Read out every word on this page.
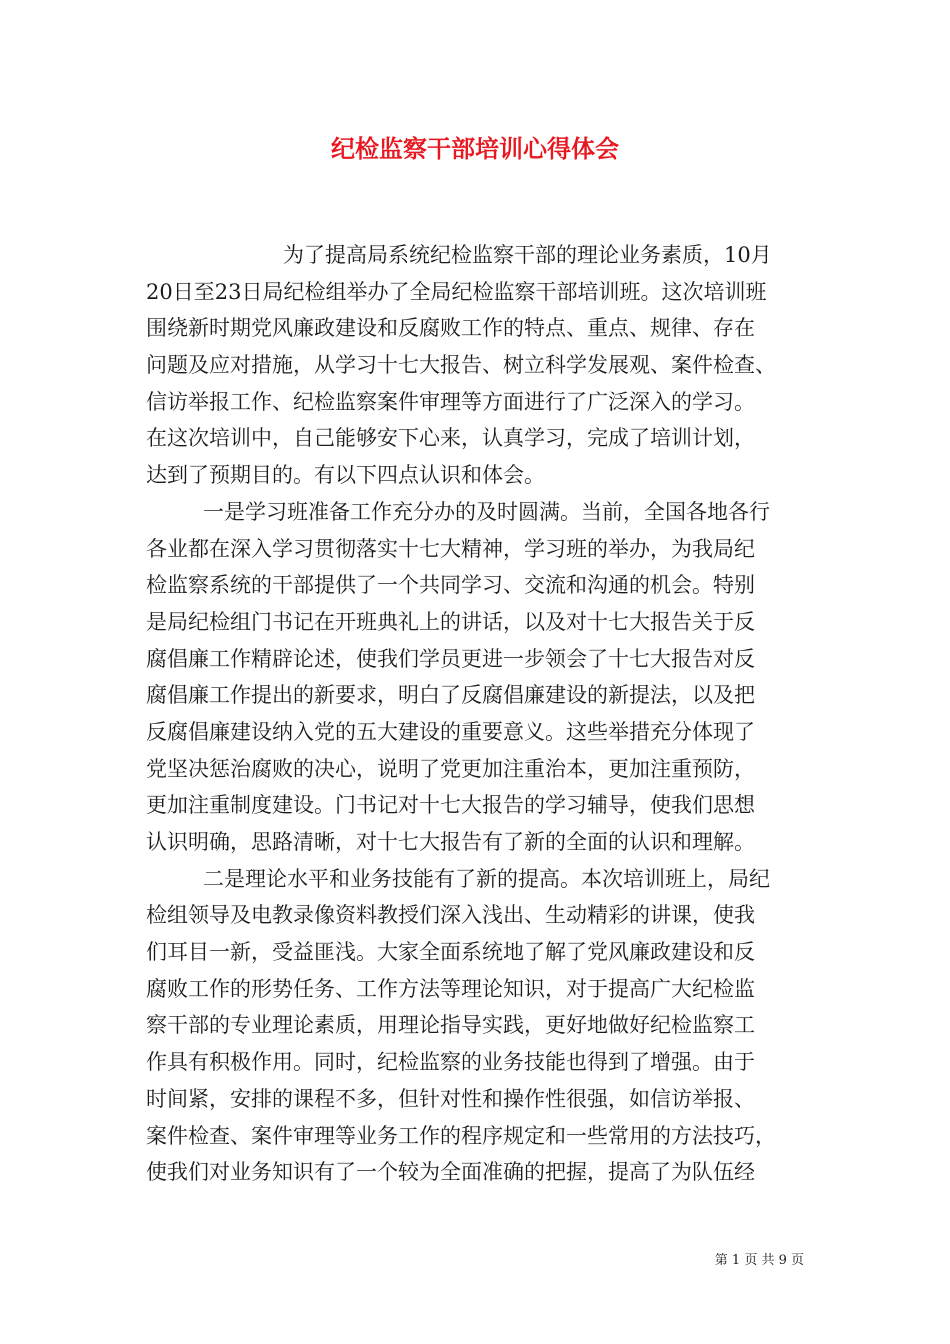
纪检监察干部培训心得体会
为了提高局系统纪检监察干部的理论业务素质，10月
20日至23日局纪检组举办了全局纪检监察干部培训班。这次培训班
围绕新时期党风廉政建设和反腐败工作的特点、重点、规律、存在
问题及应对措施，从学习十七大报告、树立科学发展观、案件检查、
信访举报工作、纪检监察案件审理等方面进行了广泛深入的学习。
在这次培训中，自己能够安下心来，认真学习，完成了培训计划，
达到了预期目的。有以下四点认识和体会。
一是学习班准备工作充分办的及时圆满。当前，全国各地各行
各业都在深入学习贯彻落实十七大精神，学习班的举办，为我局纪
检监察系统的干部提供了一个共同学习、交流和沟通的机会。特别
是局纪检组门书记在开班典礼上的讲话，以及对十七大报告关于反
腐倡廉工作精辟论述，使我们学员更进一步领会了十七大报告对反
腐倡廉工作提出的新要求，明白了反腐倡廉建设的新提法，以及把
反腐倡廉建设纳入党的五大建设的重要意义。这些举措充分体现了
党坚决惩治腐败的决心，说明了党更加注重治本，更加注重预防，
更加注重制度建设。门书记对十七大报告的学习辅导，使我们思想
认识明确，思路清晰，对十七大报告有了新的全面的认识和理解。
二是理论水平和业务技能有了新的提高。本次培训班上，局纪
检组领导及电教录像资料教授们深入浅出、生动精彩的讲课，使我
们耳目一新，受益匪浅。大家全面系统地了解了党风廉政建设和反
腐败工作的形势任务、工作方法等理论知识，对于提高广大纪检监
察干部的专业理论素质，用理论指导实践，更好地做好纪检监察工
作具有积极作用。同时，纪检监察的业务技能也得到了增强。由于
时间紧，安排的课程不多，但针对性和操作性很强，如信访举报、
案件检查、案件审理等业务工作的程序规定和一些常用的方法技巧，
使我们对业务知识有了一个较为全面准确的把握，提高了为队伍经
第 1 页 共 9 页
